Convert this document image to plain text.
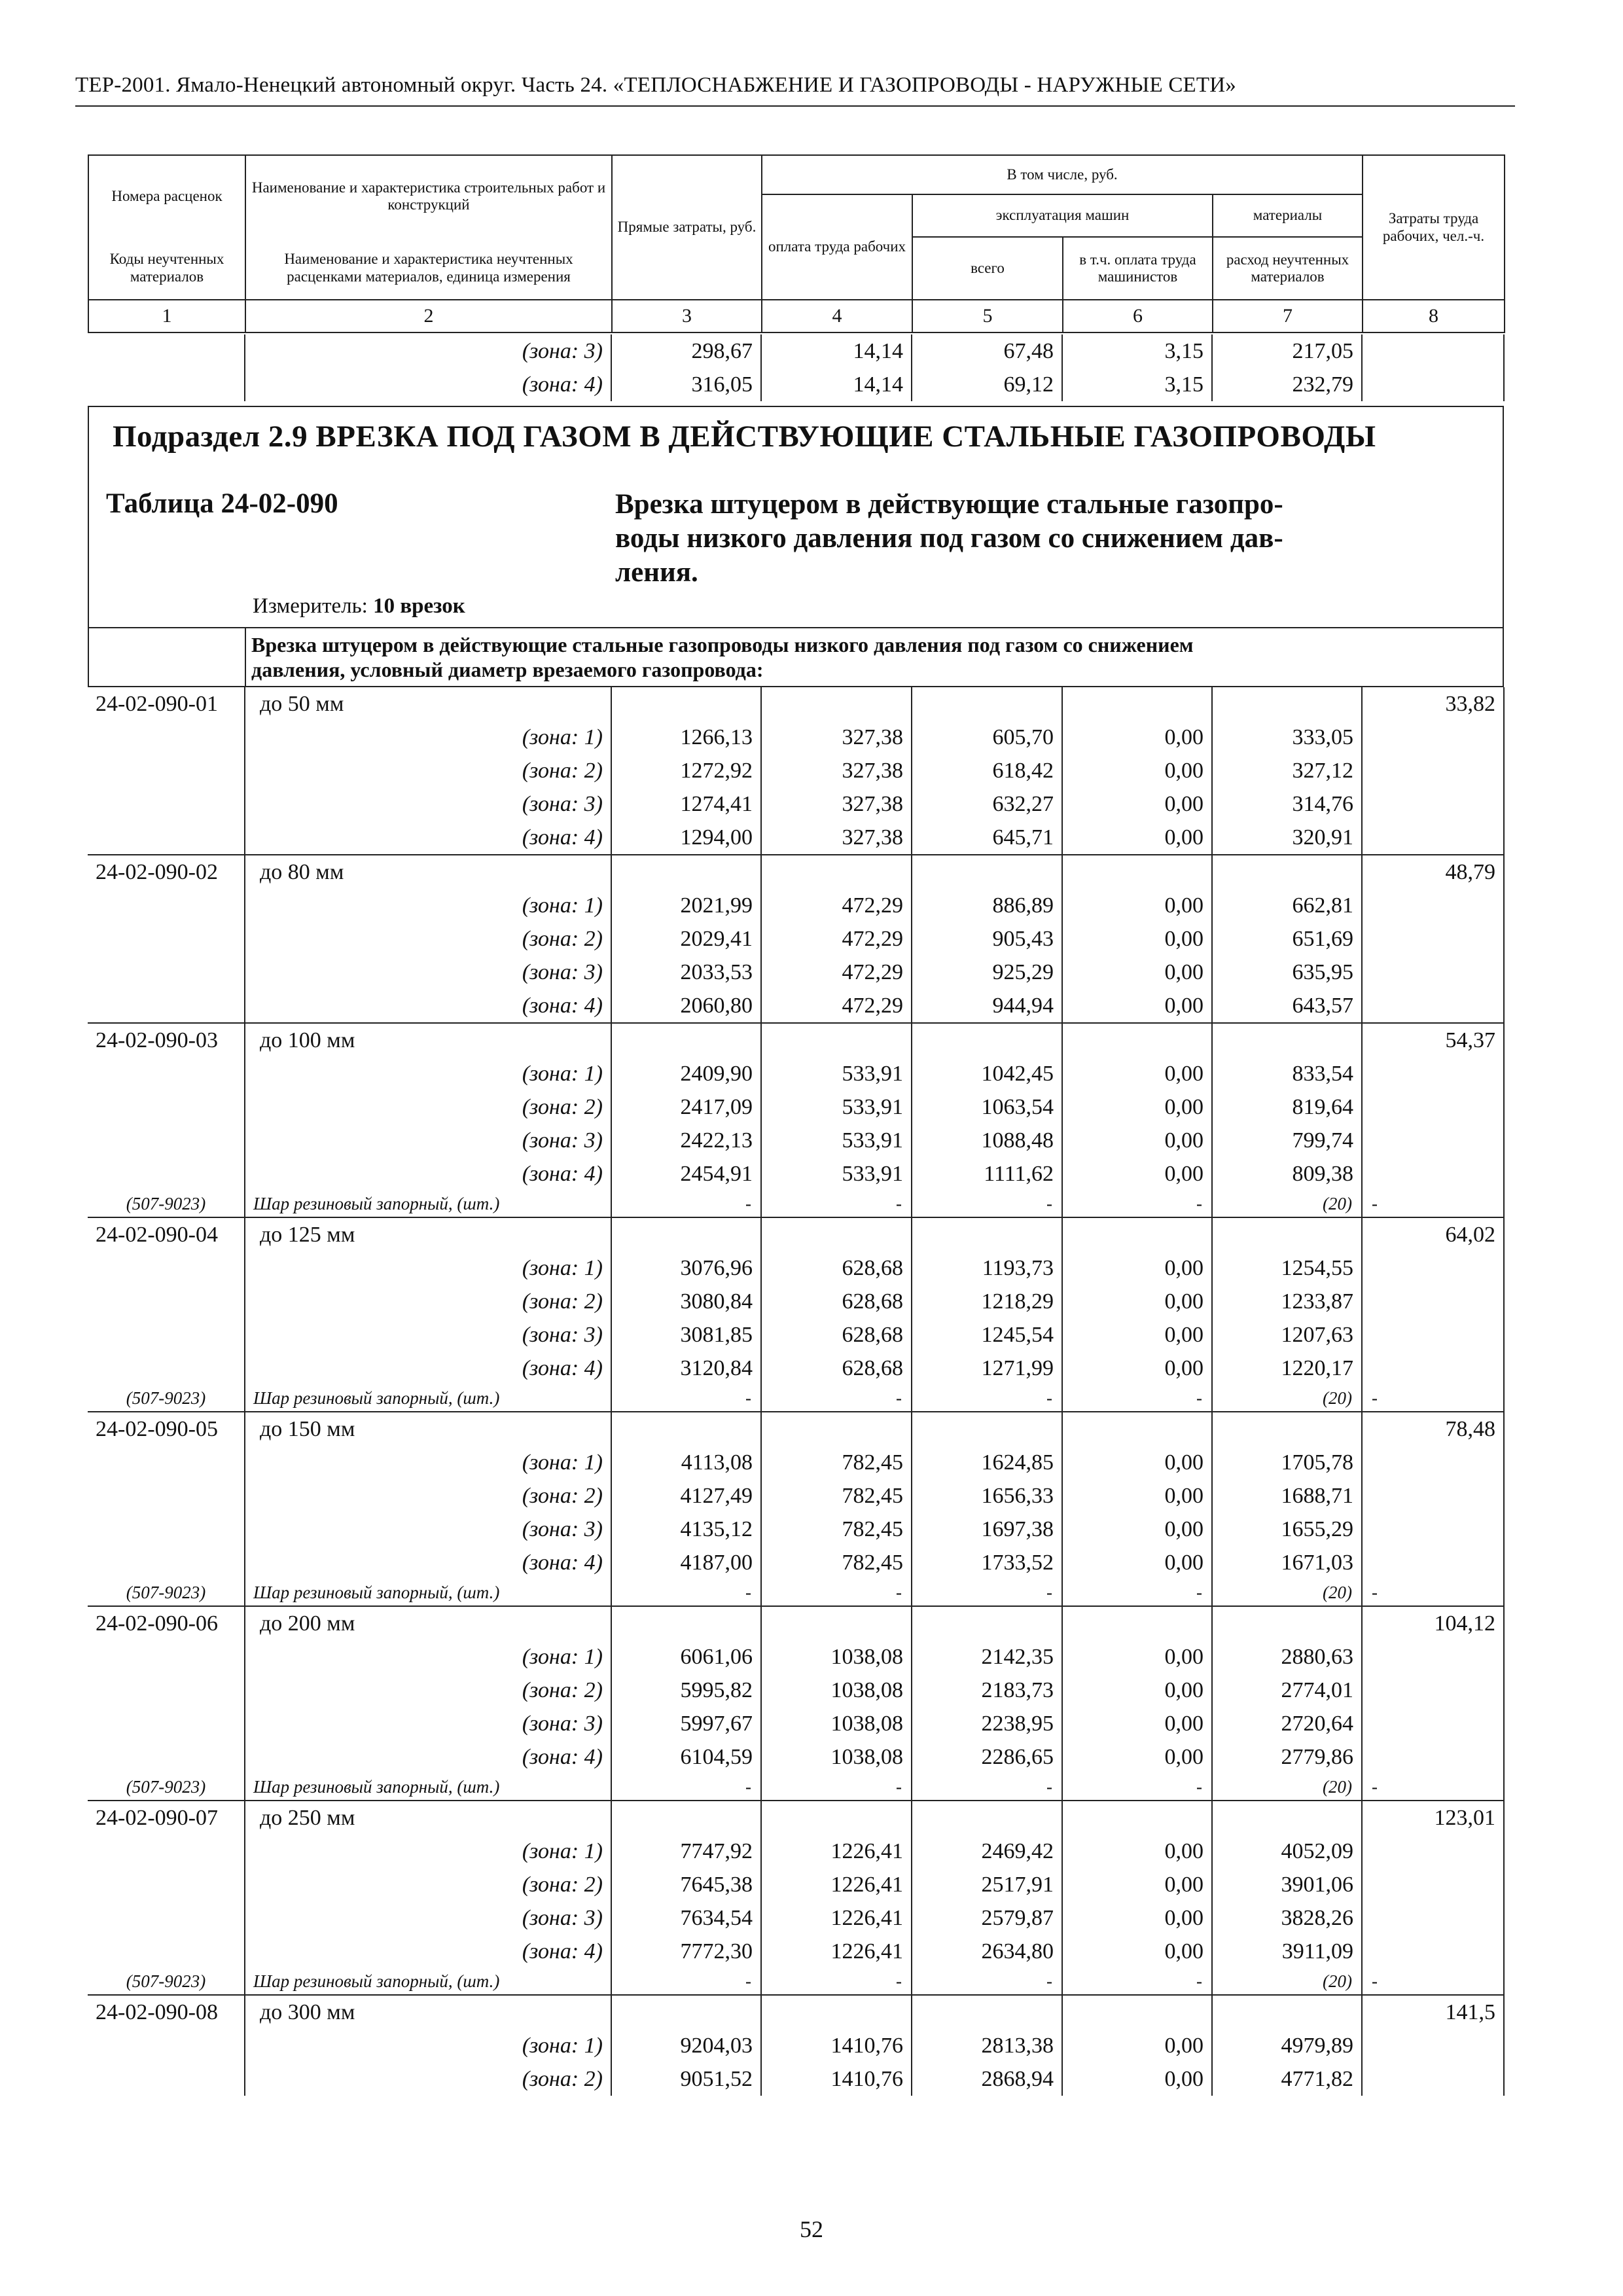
ТЕР-2001. Ямало-Ненецкий автономный округ. Часть 24. «ТЕПЛОСНАБЖЕНИЕ И ГАЗОПРОВОДЫ - НАРУЖНЫЕ СЕТИ»
Номера расценок	Наименование и характеристика строительных работ и конструкций	Прямые затраты, руб.	В том числе, руб.				Затраты труда рабочих, чел.-ч.
			оплата труда рабочих	эксплуатация машин		материалы	
Коды неучтенных материалов	Наименование и характеристика неучтенных расценками материалов, единица измерения			всего	в т.ч. оплата труда машинистов	расход неучтенных материалов	
1	2	3	4	5	6	7	8
	(зона: 3)	298,67	14,14	67,48	3,15	217,05	
	(зона: 4)	316,05	14,14	69,12	3,15	232,79	
Подраздел 2.9 ВРЕЗКА ПОД ГАЗОМ В ДЕЙСТВУЮЩИЕ СТАЛЬНЫЕ ГАЗОПРОВОДЫ
Таблица 24-02-090	Врезка штуцером в действующие стальные газопро-
воды низкого давления под газом со снижением дав-
ления.
Измеритель: 10 врезок
Врезка штуцером в действующие стальные газопроводы низкого давления под газом со снижением
давления, условный диаметр врезаемого газопровода:
24-02-090-01	до 50 мм						33,82
	(зона: 1)	1266,13	327,38	605,70	0,00	333,05	
	(зона: 2)	1272,92	327,38	618,42	0,00	327,12	
	(зона: 3)	1274,41	327,38	632,27	0,00	314,76	
	(зона: 4)	1294,00	327,38	645,71	0,00	320,91	
24-02-090-02	до 80 мм						48,79
	(зона: 1)	2021,99	472,29	886,89	0,00	662,81	
	(зона: 2)	2029,41	472,29	905,43	0,00	651,69	
	(зона: 3)	2033,53	472,29	925,29	0,00	635,95	
	(зона: 4)	2060,80	472,29	944,94	0,00	643,57	
24-02-090-03	до 100 мм						54,37
	(зона: 1)	2409,90	533,91	1042,45	0,00	833,54	
	(зона: 2)	2417,09	533,91	1063,54	0,00	819,64	
	(зона: 3)	2422,13	533,91	1088,48	0,00	799,74	
	(зона: 4)	2454,91	533,91	1111,62	0,00	809,38	
(507-9023)	Шар резиновый запорный, (шт.)	-	-	-	-	(20)	-
24-02-090-04	до 125 мм						64,02
	(зона: 1)	3076,96	628,68	1193,73	0,00	1254,55	
	(зона: 2)	3080,84	628,68	1218,29	0,00	1233,87	
	(зона: 3)	3081,85	628,68	1245,54	0,00	1207,63	
	(зона: 4)	3120,84	628,68	1271,99	0,00	1220,17	
(507-9023)	Шар резиновый запорный, (шт.)	-	-	-	-	(20)	-
24-02-090-05	до 150 мм						78,48
	(зона: 1)	4113,08	782,45	1624,85	0,00	1705,78	
	(зона: 2)	4127,49	782,45	1656,33	0,00	1688,71	
	(зона: 3)	4135,12	782,45	1697,38	0,00	1655,29	
	(зона: 4)	4187,00	782,45	1733,52	0,00	1671,03	
(507-9023)	Шар резиновый запорный, (шт.)	-	-	-	-	(20)	-
24-02-090-06	до 200 мм						104,12
	(зона: 1)	6061,06	1038,08	2142,35	0,00	2880,63	
	(зона: 2)	5995,82	1038,08	2183,73	0,00	2774,01	
	(зона: 3)	5997,67	1038,08	2238,95	0,00	2720,64	
	(зона: 4)	6104,59	1038,08	2286,65	0,00	2779,86	
(507-9023)	Шар резиновый запорный, (шт.)	-	-	-	-	(20)	-
24-02-090-07	до 250 мм						123,01
	(зона: 1)	7747,92	1226,41	2469,42	0,00	4052,09	
	(зона: 2)	7645,38	1226,41	2517,91	0,00	3901,06	
	(зона: 3)	7634,54	1226,41	2579,87	0,00	3828,26	
	(зона: 4)	7772,30	1226,41	2634,80	0,00	3911,09	
(507-9023)	Шар резиновый запорный, (шт.)	-	-	-	-	(20)	-
24-02-090-08	до 300 мм						141,5
	(зона: 1)	9204,03	1410,76	2813,38	0,00	4979,89	
	(зона: 2)	9051,52	1410,76	2868,94	0,00	4771,82	
52
